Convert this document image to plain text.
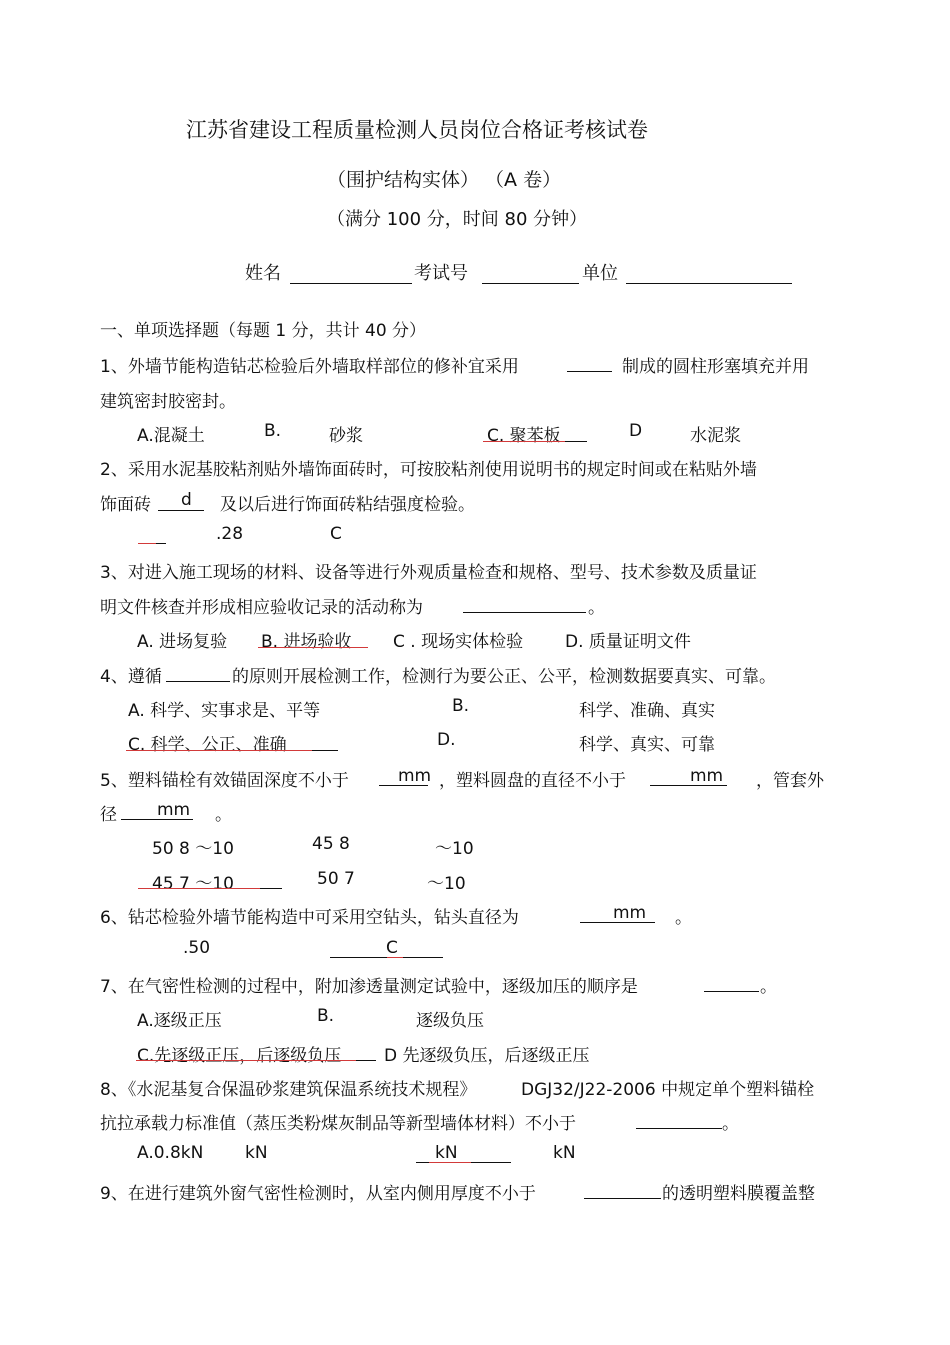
江苏省建设工程质量检测人员岗位合格证考核试卷
（围护结构实体） （A 卷）
（满分 100 分，时间 80 分钟）
姓名	考试号	单位
一、单项选择题（每题 1 分，共计 40 分）
1、外墙节能构造钻芯检验后外墙取样部位的修补宜采用	制成的圆柱形塞填充并用
建筑密封胶密封。
A.混凝土	B.	砂浆	C. 聚苯板	D	水泥浆
2、采用水泥基胶粘剂贴外墙饰面砖时，可按胶粘剂使用说明书的规定时间或在粘贴外墙
饰面砖 d 及以后进行饰面砖粘结强度检验。
.28	C
3、对进入施工现场的材料、设备等进行外观质量检查和规格、型号、技术参数及质量证
明文件核查并形成相应验收记录的活动称为	。
A. 进场复验 B. 进场验收 C . 现场实体检验 D. 质量证明文件
4、遵循	的原则开展检测工作，检测行为要公正、公平，检测数据要真实、可靠。
A. 科学、实事求是、平等	B.	科学、准确、真实
C. 科学、公正、准确	D.	科学、真实、可靠
5、塑料锚栓有效锚固深度不小于	mm ，塑料圆盘的直径不小于	mm ，管套外
径 mm 。
50 8 ～10	45 8	～10
45 7 ～10	50 7	～10
6、钻芯检验外墙节能构造中可采用空钻头，钻头直径为	mm 。
.50	C
7、在气密性检测的过程中，附加渗透量测定试验中，逐级加压的顺序是	。
A.逐级正压	B.	逐级负压
C.先逐级正压，后逐级负压	D 先逐级负压，后逐级正压
8、《水泥基复合保温砂浆建筑保温系统技术规程》	DGJ32/J22-2006 中规定单个塑料锚栓
抗拉承载力标准值（蒸压类粉煤灰制品等新型墙体材料）不小于	。
A.0.8kN kN	kN	kN
9、在进行建筑外窗气密性检测时，从室内侧用厚度不小于	的透明塑料膜覆盖整
